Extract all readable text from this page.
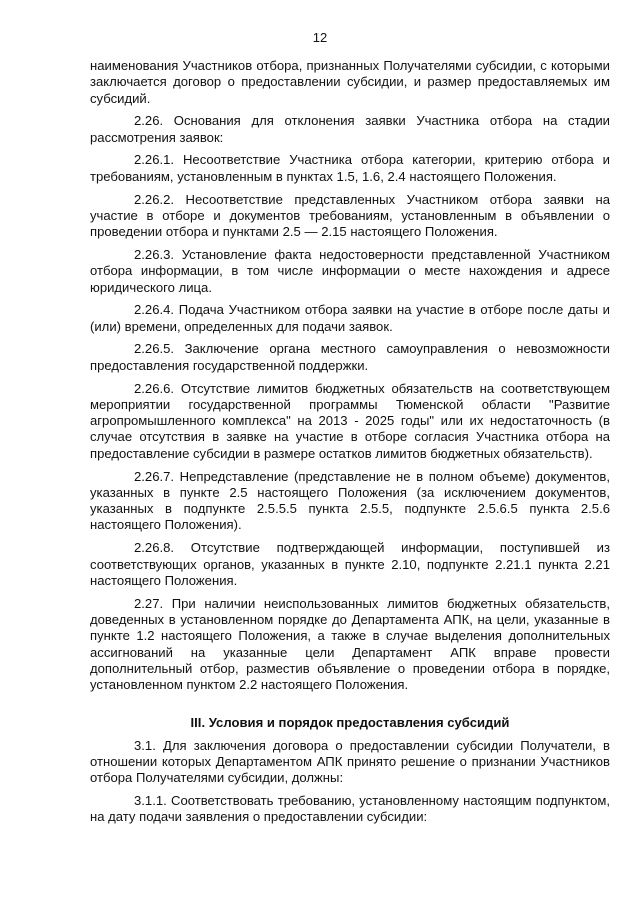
12

наименования Участников отбора, признанных Получателями субсидии, с которыми заключается договор о предоставлении субсидии, и размер предоставляемых им субсидий.

2.26. Основания для отклонения заявки Участника отбора на стадии рассмотрения заявок:

2.26.1. Несоответствие Участника отбора категории, критерию отбора и требованиям, установленным в пунктах 1.5, 1.6, 2.4 настоящего Положения.

2.26.2. Несоответствие представленных Участником отбора заявки на участие в отборе и документов требованиям, установленным в объявлении о проведении отбора и пунктами 2.5 — 2.15 настоящего Положения.

2.26.3. Установление факта недостоверности представленной Участником отбора информации, в том числе информации о месте нахождения и адресе юридического лица.

2.26.4. Подача Участником отбора заявки на участие в отборе после даты и (или) времени, определенных для подачи заявок.

2.26.5. Заключение органа местного самоуправления о невозможности предоставления государственной поддержки.

2.26.6. Отсутствие лимитов бюджетных обязательств на соответствующем мероприятии государственной программы Тюменской области "Развитие агропромышленного комплекса" на 2013 - 2025 годы" или их недостаточность (в случае отсутствия в заявке на участие в отборе согласия Участника отбора на предоставление субсидии в размере остатков лимитов бюджетных обязательств).

2.26.7. Непредставление (представление не в полном объеме) документов, указанных в пункте 2.5 настоящего Положения (за исключением документов, указанных в подпункте 2.5.5.5 пункта 2.5.5, подпункте 2.5.6.5 пункта 2.5.6 настоящего Положения).

2.26.8. Отсутствие подтверждающей информации, поступившей из соответствующих органов, указанных в пункте 2.10, подпункте 2.21.1 пункта 2.21 настоящего Положения.

2.27. При наличии неиспользованных лимитов бюджетных обязательств, доведенных в установленном порядке до Департамента АПК, на цели, указанные в пункте 1.2 настоящего Положения, а также в случае выделения дополнительных ассигнований на указанные цели Департамент АПК вправе провести дополнительный отбор, разместив объявление о проведении отбора в порядке, установленном пунктом 2.2 настоящего Положения.

III. Условия и порядок предоставления субсидий

3.1. Для заключения договора о предоставлении субсидии Получатели, в отношении которых Департаментом АПК принято решение о признании Участников отбора Получателями субсидии, должны:

3.1.1. Соответствовать требованию, установленному настоящим подпунктом, на дату подачи заявления о предоставлении субсидии:
